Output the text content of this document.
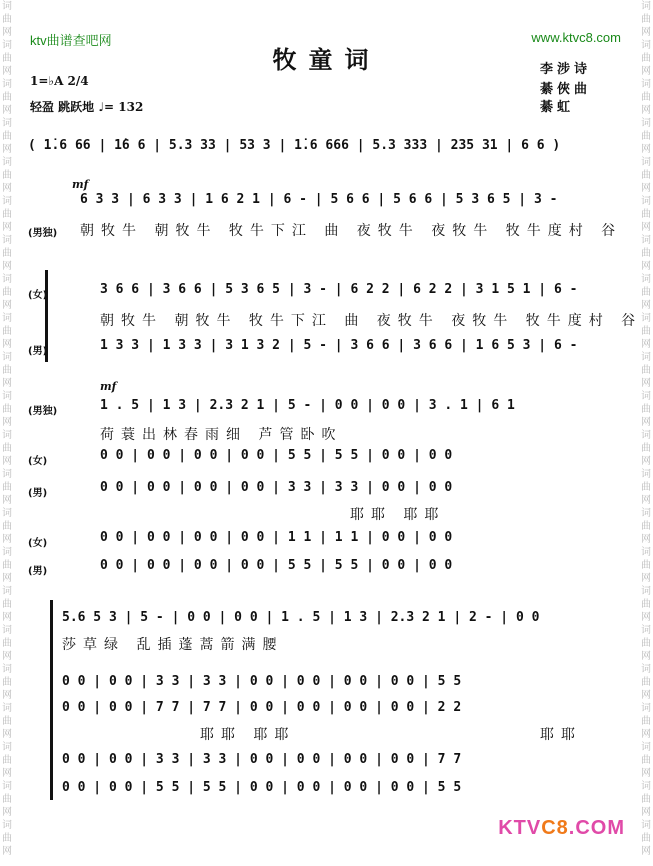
词
曲
网
词
曲
网
词
曲
网
词
曲
网
词
曲
网
词
曲
网
词
曲
网
词
曲
网
词
曲
网
词
曲
网
词
曲
网
词
曲
网
词
曲
网
词
曲
网
词
曲
网
词
曲
网
词
曲
网
词
曲
网
词
曲
网
词
曲
网
词
曲
网
词
曲
网

词
曲
网
词
曲
网
词
曲
网
词
曲
网
词
曲
网
词
曲
网
词
曲
网
词
曲
网
词
曲
网
词
曲
网
词
曲
网
词
曲
网
词
曲
网
词
曲
网
词
曲
网
词
曲
网
词
曲
网
词
曲
网
词
曲
网
词
曲
网
词
曲
网
词
曲
网

ktv曲谱查吧网	www.ktvc8.com
牧童词	李涉诗
綦俠曲
綦虹
1=♭A 2/4
轻盈 跳跃地 ♩= 132
( 1̇.6 66 | 1̇6 6 | 5.3 33 | 53 3 | 1̇.6 666 | 5.3 333 | 235 31 | 6 6 )
mf
6 3 3 | 6 3 3 | 1 6 2 1 | 6 - | 5 6 6 | 5 6 6 | 5 3 6 5 | 3 -
(男独) 朝牧牛 朝牧牛 牧牛下江 曲 夜牧牛 夜牧牛 牧牛度村 谷
(女)	3 6 6 | 3 6 6 | 5 3 6 5 | 3 - | 6 2 2 | 6 2 2 | 3 1 5 1 | 6 -
朝牧牛 朝牧牛 牧牛下江 曲 夜牧牛 夜牧牛 牧牛度村 谷
(男)	1 3 3 | 1 3 3 | 3 1 3 2 | 5 - | 3 6 6 | 3 6 6 | 1 6 5 3 | 6 -
mf
(男独)	1 . 5 | 1 3 | 2.3 2 1 | 5 - | 0 0 | 0 0 | 3 . 1 | 6 1
荷蓑出林春雨细 芦管卧吹
(女)	0 0 | 0 0 | 0 0 | 0 0 | 5 5 | 5 5 | 0 0 | 0 0
(男)	0 0 | 0 0 | 0 0 | 0 0 | 3 3 | 3 3 | 0 0 | 0 0
耶耶 耶耶
(女)	0 0 | 0 0 | 0 0 | 0 0 | 1 1 | 1 1 | 0 0 | 0 0
(男)	0 0 | 0 0 | 0 0 | 0 0 | 5 5 | 5 5 | 0 0 | 0 0
5.6 5 3 | 5 - | 0 0 | 0 0 | 1 . 5 | 1 3 | 2.3 2 1 | 2 - | 0 0
莎草绿 乱插蓬蒿箭满腰
0 0 | 0 0 | 3 3 | 3 3 | 0 0 | 0 0 | 0 0 | 0 0 | 5 5
0 0 | 0 0 | 7 7 | 7 7 | 0 0 | 0 0 | 0 0 | 0 0 | 2 2
耶耶 耶耶	耶耶
0 0 | 0 0 | 3 3 | 3 3 | 0 0 | 0 0 | 0 0 | 0 0 | 7 7
0 0 | 0 0 | 5 5 | 5 5 | 0 0 | 0 0 | 0 0 | 0 0 | 5 5
KTVC8.COM
